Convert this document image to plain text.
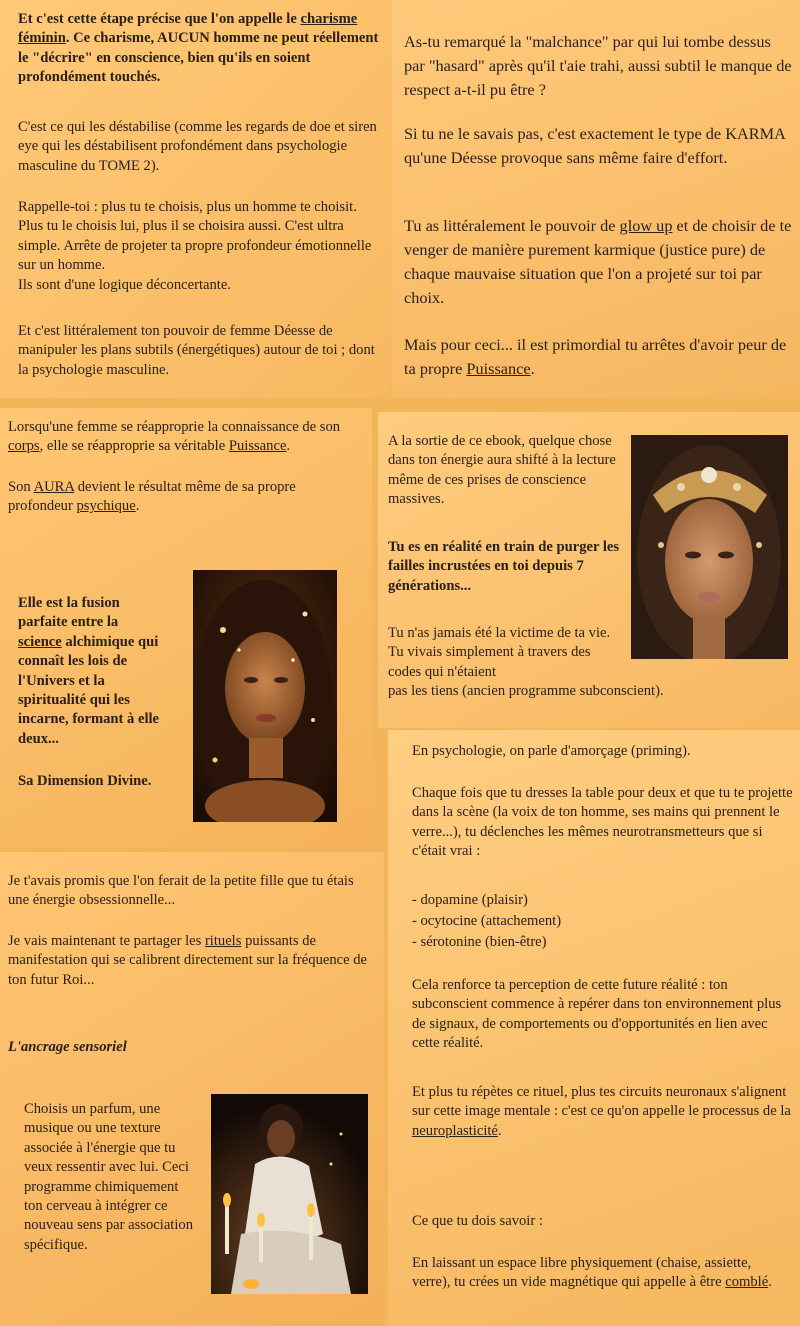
Et c'est cette étape précise que l'on appelle le charisme féminin. Ce charisme, AUCUN homme ne peut réellement le "décrire" en conscience, bien qu'ils en soient profondément touchés.

C'est ce qui les déstabilise (comme les regards de doe et siren eye qui les déstabilisent profondément dans psychologie masculine du TOME 2).

Rappelle-toi : plus tu te choisis, plus un homme te choisit. Plus tu le choisis lui, plus il se choisira aussi. C'est ultra simple. Arrête de projeter ta propre profondeur émotionnelle sur un homme.
Ils sont d'une logique déconcertante.

Et c'est littéralement ton pouvoir de femme Déesse de manipuler les plans subtils (énergétiques) autour de toi ; dont la psychologie masculine.

As-tu remarqué la "malchance" par qui lui tombe dessus par "hasard" après qu'il t'aie trahi, aussi subtil le manque de respect a-t-il pu être ?

Si tu ne le savais pas, c'est exactement le type de KARMA qu'une Déesse provoque sans même faire d'effort.

Tu as littéralement le pouvoir de glow up et de choisir de te venger de manière purement karmique (justice pure) de chaque mauvaise situation que l'on a projeté sur toi par choix.

Mais pour ceci... il est primordial tu arrêtes d'avoir peur de ta propre Puissance.

Lorsqu'une femme se réapproprie la connaissance de son corps, elle se réapproprie sa véritable Puissance.

Son AURA devient le résultat même de sa propre profondeur psychique.

Elle est la fusion parfaite entre la science alchimique qui connaît les lois de l'Univers et la spiritualité qui les incarne, formant à elle deux...

Sa Dimension Divine.

A la sortie de ce ebook, quelque chose dans ton énergie aura shifté à la lecture même de ces prises de conscience massives.

Tu es en réalité en train de purger les failles incrustées en toi depuis 7 générations...

Tu n'as jamais été la victime de ta vie. Tu vivais simplement à travers des codes qui n'étaient

pas les tiens (ancien programme subconscient).

Je t'avais promis que l'on ferait de la petite fille que tu étais une énergie obsessionnelle...

Je vais maintenant te partager les rituels puissants de manifestation qui se calibrent directement sur la fréquence de ton futur Roi...

L'ancrage sensoriel

Choisis un parfum, une musique ou une texture associée à l'énergie que tu veux ressentir avec lui. Ceci programme chimiquement ton cerveau à intégrer ce nouveau sens par association spécifique.

En psychologie, on parle d'amorçage (priming).

Chaque fois que tu dresses la table pour deux et que tu te projette dans la scène (la voix de ton homme, ses mains qui prennent le verre...), tu déclenches les mêmes neurotransmetteurs que si c'était vrai :

- dopamine (plaisir)
- ocytocine (attachement)
- sérotonine (bien-être)

Cela renforce ta perception de cette future réalité : ton subconscient commence à repérer dans ton environnement plus de signaux, de comportements ou d'opportunités en lien avec cette réalité.

Et plus tu répètes ce rituel, plus tes circuits neuronaux s'alignent sur cette image mentale : c'est ce qu'on appelle le processus de la neuroplasticité.

Ce que tu dois savoir :

En laissant un espace libre physiquement (chaise, assiette, verre), tu crées un vide magnétique qui appelle à être comblé.
